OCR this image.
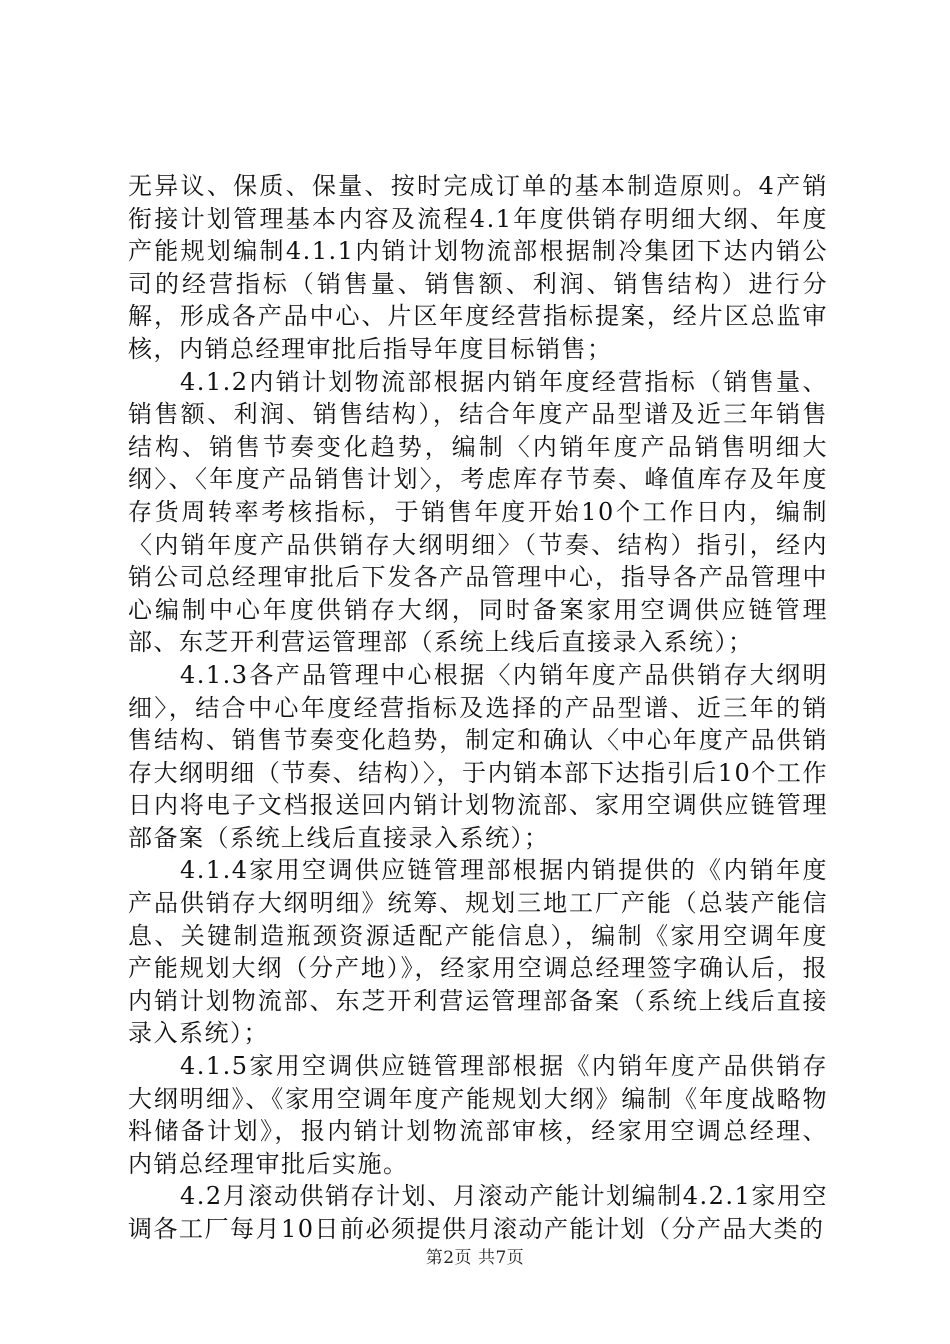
无异议、保质、保量、按时完成订单的基本制造原则。4产销衔接计划管理基本内容及流程4.1年度供销存明细大纲、年度产能规划编制4.1.1内销计划物流部根据制冷集团下达内销公司的经营指标（销售量、销售额、利润、销售结构）进行分解，形成各产品中心、片区年度经营指标提案，经片区总监审核，内销总经理审批后指导年度目标销售；

4.1.2内销计划物流部根据内销年度经营指标（销售量、销售额、利润、销售结构），结合年度产品型谱及近三年销售结构、销售节奏变化趋势，编制〈内销年度产品销售明细大纲〉、〈年度产品销售计划〉，考虑库存节奏、峰值库存及年度存货周转率考核指标，于销售年度开始10个工作日内，编制〈内销年度产品供销存大纲明细〉（节奏、结构）指引，经内销公司总经理审批后下发各产品管理中心，指导各产品管理中心编制中心年度供销存大纲，同时备案家用空调供应链管理部、东芝开利营运管理部（系统上线后直接录入系统）；

4.1.3各产品管理中心根据〈内销年度产品供销存大纲明细〉，结合中心年度经营指标及选择的产品型谱、近三年的销售结构、销售节奏变化趋势，制定和确认〈中心年度产品供销存大纲明细（节奏、结构）〉，于内销本部下达指引后10个工作日内将电子文档报送回内销计划物流部、家用空调供应链管理部备案（系统上线后直接录入系统）；

4.1.4家用空调供应链管理部根据内销提供的《内销年度产品供销存大纲明细》统筹、规划三地工厂产能（总装产能信息、关键制造瓶颈资源适配产能信息），编制《家用空调年度产能规划大纲（分产地）》，经家用空调总经理签字确认后，报内销计划物流部、东芝开利营运管理部备案（系统上线后直接录入系统）；

4.1.5家用空调供应链管理部根据《内销年度产品供销存大纲明细》、《家用空调年度产能规划大纲》编制《年度战略物料储备计划》，报内销计划物流部审核，经家用空调总经理、内销总经理审批后实施。

4.2月滚动供销存计划、月滚动产能计划编制4.2.1家用空调各工厂每月10日前必须提供月滚动产能计划（分产品大类的

第2页 共7页
